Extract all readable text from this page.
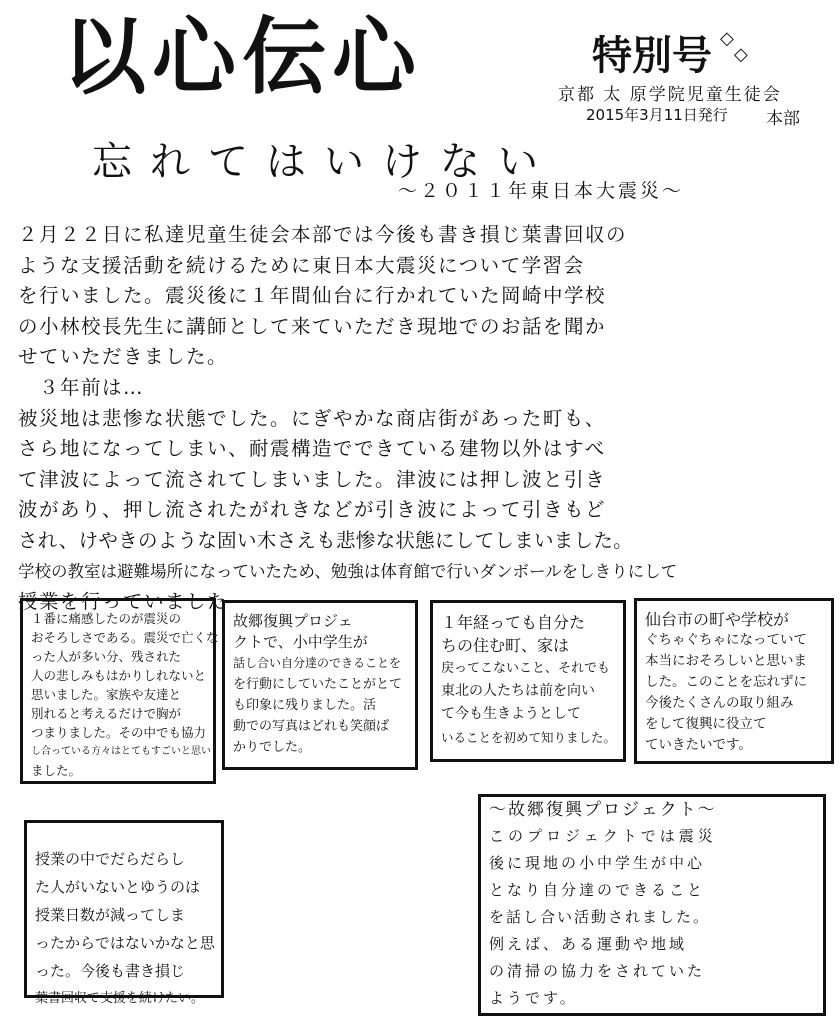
以心伝心	特別号 ◇
◇
京都 太 原学院児童生徒会
2015年3月11日発行 本部
忘れてはいけない
～２０１１年東日本大震災～
２月２２日に私達児童生徒会本部では今後も書き損じ葉書回収の
ような支援活動を続けるために東日本大震災について学習会
を行いました。震災後に１年間仙台に行かれていた岡崎中学校
の小林校長先生に講師として来ていただき現地でのお話を聞か
せていただきました。
　３年前は…
被災地は悲惨な状態でした。にぎやかな商店街があった町も、
さら地になってしまい、耐震構造でできている建物以外はすべ
て津波によって流されてしまいました。津波には押し波と引き
波があり、押し流されたがれきなどが引き波によって引きもど
され、けやきのような固い木さえも悲惨な状態にしてしまいました。
学校の教室は避難場所になっていたため、勉強は体育館で行いダンボールをしきりにして
授業を行っていました
１番に痛感したのが震災の
おそろしさである。震災で亡くな
った人が多い分、残された
人の悲しみもはかりしれないと
思いました。家族や友達と
別れると考えるだけで胸が
つまりました。その中でも協力
し合っている方々はとてもすごいと思い
ました。
故郷復興プロジェ
クトで、小中学生が
話し合い自分達のできることを
を行動にしていたことがとて
も印象に残りました。活
動での写真はどれも笑顔ば
かりでした。
１年経っても自分た
ちの住む町、家は
戻ってこないこと、それでも
東北の人たちは前を向い
て今も生きようとして
いることを初めて知りました。
仙台市の町や学校が
ぐちゃぐちゃになっていて
本当におそろしいと思いま
した。このことを忘れずに
今後たくさんの取り組み
をして復興に役立て
ていきたいです。
授業の中でだらだらし
た人がいないとゆうのは
授業日数が減ってしま
ったからではないかなと思
った。今後も書き損じ
葉書回収で支援を続けたい。
～故郷復興プロジェクト～
このプロジェクトでは震災
後に現地の小中学生が中心
となり自分達のできること
を話し合い活動されました。
例えば、ある運動や地域
の清掃の協力をされていた
ようです。
